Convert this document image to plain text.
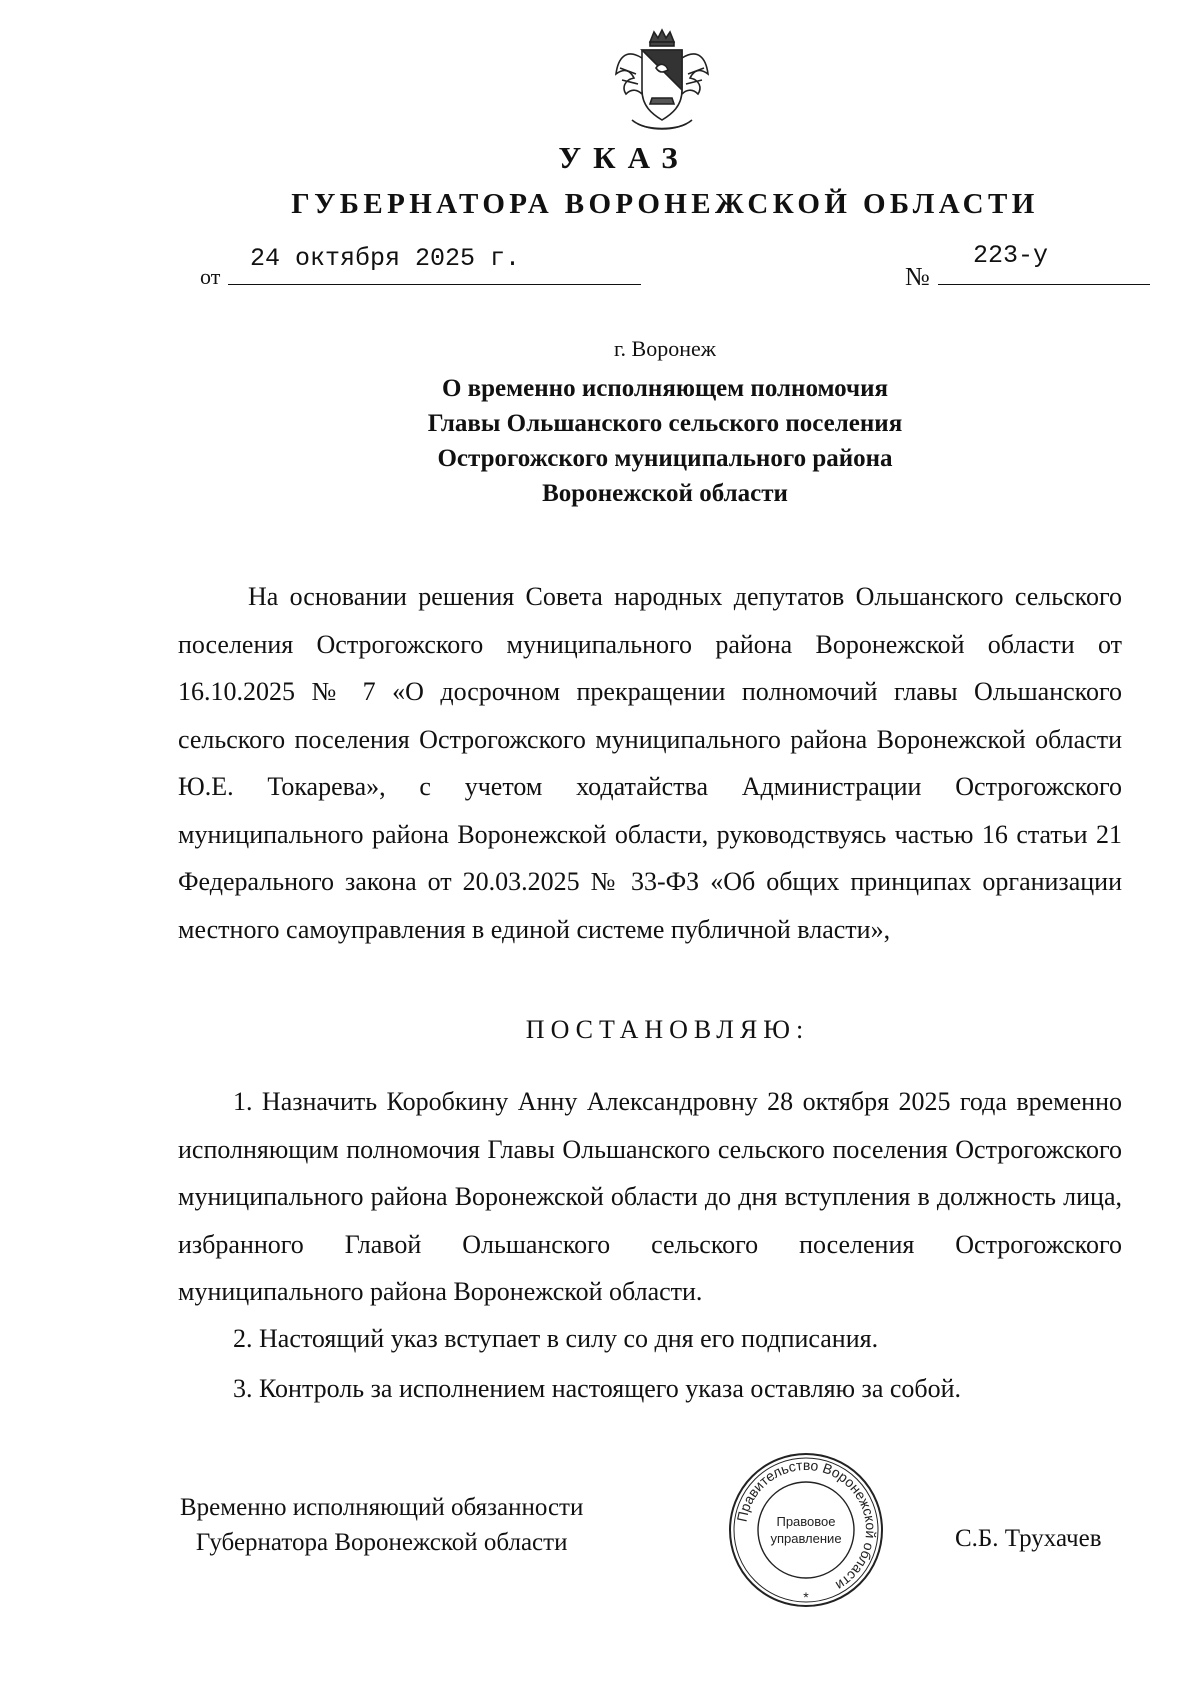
УКАЗ
ГУБЕРНАТОРА ВОРОНЕЖСКОЙ ОБЛАСТИ
от
24 октября 2025 г.
№
223-у
г. Воронеж
О временно исполняющем полномочия
Главы Ольшанского сельского поселения
Острогожского муниципального района
Воронежской области

На основании решения Совета народных депутатов Ольшанского сельского поселения Острогожского муниципального района Воронежской области от 16.10.2025 № 7 «О досрочном прекращении полномочий главы Ольшанского сельского поселения Острогожского муниципального района Воронежской области Ю.Е. Токарева», с учетом ходатайства Администрации Острогожского муниципального района Воронежской области, руководствуясь частью 16 статьи 21 Федерального закона от 20.03.2025 № 33-ФЗ «Об общих принципах организации местного самоуправления в единой системе публичной власти»,

ПОСТАНОВЛЯЮ:

1. Назначить Коробкину Анну Александровну 28 октября 2025 года временно исполняющим полномочия Главы Ольшанского сельского поселения Острогожского муниципального района Воронежской области до дня вступления в должность лица, избранного Главой Ольшанского сельского поселения Острогожского муниципального района Воронежской области.

2. Настоящий указ вступает в силу со дня его подписания.
3. Контроль за исполнением настоящего указа оставляю за собой.
Временно исполняющий обязанности
Губернатора Воронежской области
Правительство Воронежской области
Правовое
управление
*
С.Б. Трухачев
